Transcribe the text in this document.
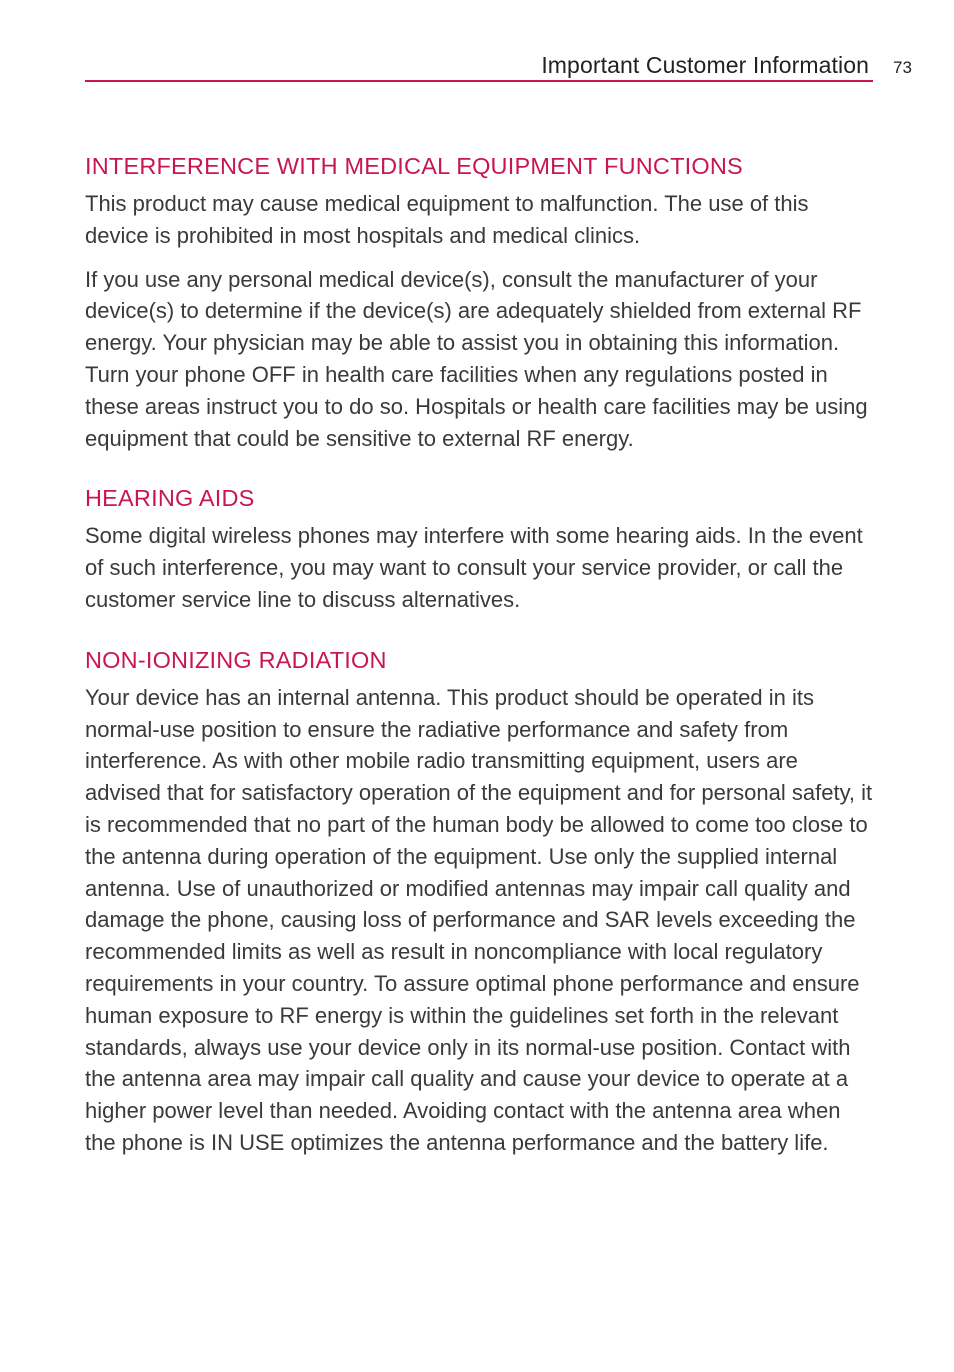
Important Customer Information 73
INTERFERENCE WITH MEDICAL EQUIPMENT FUNCTIONS

This product may cause medical equipment to malfunction. The use of this device is prohibited in most hospitals and medical clinics.

If you use any personal medical device(s), consult the manufacturer of your device(s) to determine if the device(s) are adequately shielded from external RF energy. Your physician may be able to assist you in obtaining this information. Turn your phone OFF in health care facilities when any regulations posted in these areas instruct you to do so. Hospitals or health care facilities may be using equipment that could be sensitive to external RF energy.

HEARING AIDS

Some digital wireless phones may interfere with some hearing aids. In the event of such interference, you may want to consult your service provider, or call the customer service line to discuss alternatives.

NON-IONIZING RADIATION

Your device has an internal antenna. This product should be operated in its normal-use position to ensure the radiative performance and safety from interference. As with other mobile radio transmitting equipment, users are advised that for satisfactory operation of the equipment and for personal safety, it is recommended that no part of the human body be allowed to come too close to the antenna during operation of the equipment. Use only the supplied internal antenna. Use of unauthorized or modified antennas may impair call quality and damage the phone, causing loss of performance and SAR levels exceeding the recommended limits as well as result in noncompliance with local regulatory requirements in your country. To assure optimal phone performance and ensure human exposure to RF energy is within the guidelines set forth in the relevant standards, always use your device only in its normal-use position. Contact with the antenna area may impair call quality and cause your device to operate at a higher power level than needed. Avoiding contact with the antenna area when the phone is IN USE optimizes the antenna performance and the battery life.
